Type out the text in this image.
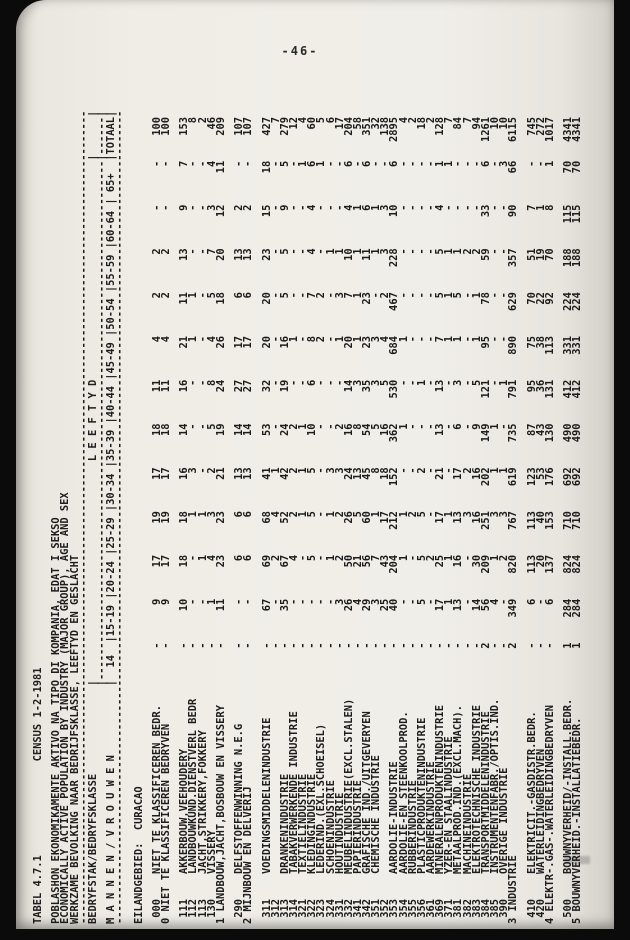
-46-
TABEL 4.7.1               CENSUS 1-2-1981 POBLASHON EKONOMIKAMENTE AKTIVO NA TIPO DI KOMPANIA, EDAT I SEKSO
ECONOMICALLY ACTIVE POPULATION BY INDUSTRY (MAJOR GROUP), AGE AND SEX
WERKZAME BEVOLKING NAAR BEDRIJFSKLASSE, LEEFTYD EN GESLACHT
----------------------------------------------------------------------------------------------------------------------------------
BEDRYFSTAK/BEDRYFSKLASSE              |                                   L E E F T Y D                                   |      |
|-----------------------------------------------------------------------------------|------|
M A N N E N / V R O U W E N           |  14  |15-19 |20-24 |25-29 |30-34 |35-39 |40-44 |45-49 |50-54 |55-59 |60-64 | 65+  |TOTAAL|
---------------------------------------------------------------------------------------------------------------------------------- EILANDGEBIED:  CURACAO 000    NIET TE KLASSIFICEREN BEDR.         -      9     17     19     17     18     11      4      2      2      -      -    100
0 NIET TE KLASSIFICEREN BEDRYVEN            -      9     17     19     17     18     11      4      2      2      -      -    100 111    AKKERBOUW,VEEHOUDERY                -     10     18     18     16     14     16     21     11     13      9      7    153
112    LANDBOUWKUND.DIENSTVERL BEDR        -      -      -      1      3      -      -      1      1      -      -      -      8
113    JACHT,STRIKKERY,FOKKERY             -      -      1      1      -      -      -      -      -      -      -      -      2
130    VISSERY                             -      1      4      3      2      5      8      4      5      7      3      4     46
1 LANDBOUW,JACHT,BOSBOUW EN VISSERY         -     11     23     23     21     19     24     26     18     20     12     11    209 290    DELFSTOFFENWINNING N.E.G            -      -      6      6     13     14     27     17      6     13      2      -    107
2 MIJNBOUW EN DELVERIJ                      -      -      6      6     13     14     27     17      6     13      2      -    107 311    VOEDINGSMIDDELENINDUSTRIE           -     67     69     68     41     53     32     20     20     23     15     18    427
312                                        -      -      2      4      1      -      -      -      -      -      -      -      7
313    DRANKENINDUSTRIE                    -     35     67     52     42     24     19     16      5      5      9      5    279
314    TABAKVERWERKENDE INDUSTRIE          -      -      4      2      2      2      -      1      -      -      -      -     12
321    TEXTIELINDUSTRIE                    -      -      -      1      1      1      -      -      -      -      -      1      4
322    KLEDINGINDUSTRIE                    -      -      5      5      5     10      6      8      7      4      4      6     60
323    LEDERIND.(EXL.SCHOEISEL)            -      -      -      -      -      -      -      2      2      -      -      1      5
324    SCHOENINDUSTRIE                     -      -      1      1      3      -      -      -      -      1      -      -      6
331    HOUTINDUSTRIE                       -      3      2      2      3      2      -      1      3      1      -      -     17
332    MEUBELINDUSTRIE(EXCL.STALEN)        -     26     50     26     24     16     14     20      7     10      4      6    204
341    PAPIERINDUSTRIE                     -      4     21      5     13      8      3      1      1      1      1      -     58
342    GRAFISCHE IND./UITGEVERYEN          -     29     56     60     45     54     35     23     23     11      6      6    351
351    CHEMISCHE INDUSTRIE                 -      3      7      1      8      5      3      3      -      1      1      -     32
352                                        -     25     43     17     18     16      5      4      2      3      3      -    138
353    AARDOLIE-INDUSTRIE                  -     40    204    212    152    362    530    684    467    228     10      6   2895
354    AARDOLIE-EN STEENKOOLPROD.          -      -      1      1      -      1      -      1      -      -      -      -      4
355    RUBBERINDUSTRIE                     -      -      -      2      -      -      -      -      -      -      -      -      2
356    PLASTICPRODUKTENINDUSTRIE           -      5      5      5      2      -      1      -      -      -      -      -     18
361    AARDEWERKINDUSTRIE                  -      -      2      -      -      -      -      -      -      -      -      -      2
369    MINERALENPRODUKTENINDUSTRIE         -     17     25     17     21     13     13      7      5      5      4      1    128
371    YZER-EN STAALINDUSTRIE              -      1      1      1      -      -      -      1      1      1      -      1      7
381    METAALPROD.IND.(EXCL.MACH).         -     13     16     13     17      6      3      1      5      1      -      -     84
382    MACHINEINDUSTRIE                    -      -      -      3      2      -      -      -      -      2      -      -      7
383    ELEKTROTECHNISCHE INDUSTRIE         -     14     30     16     16      9      5      1      1      2      -      -     94
384    TRANSPORTMIDDELENINDUSTRIE          2     56    209    251    202    149    121     95     78     59     33      6   1261
385    INSTRUMENTENFABR./OPTIS.IND.        -      4      1      3      1      1      -      -      -      -      -      -     10
390    OVERIGE INDUSTRIE                   -      -      2      3      1      -      1      -      -      -      -      3     10
3 INDUSTRIE                                 2    349    820    767    619    735    791    890    629    357     90     66   6115 410    ELEKTRICIT.-GASDISTR.BEDR.          -      6    113    113    123     87     95     75     70     51      7      -    745
420    WATERLEIDINGBEDRYVEN                -      -     20     40     53     43     36     38     22     19      1      -    272
4 ELEKTR-.GAS-.WATERLEIDINGBEDRYVEN         -      6    137    153    176    130    131    113     92     70      8      1   1017 500    BOUWNYVERHEID/-INSTALL.BEDR.        1    284    824    710    692    490    412    331    224    188    115     70   4341
5 BOUWNYVERHEID.-INSTALLATIEBEDR.           1    284    824    710    692    490    412    331    224    188    115     70   4341
